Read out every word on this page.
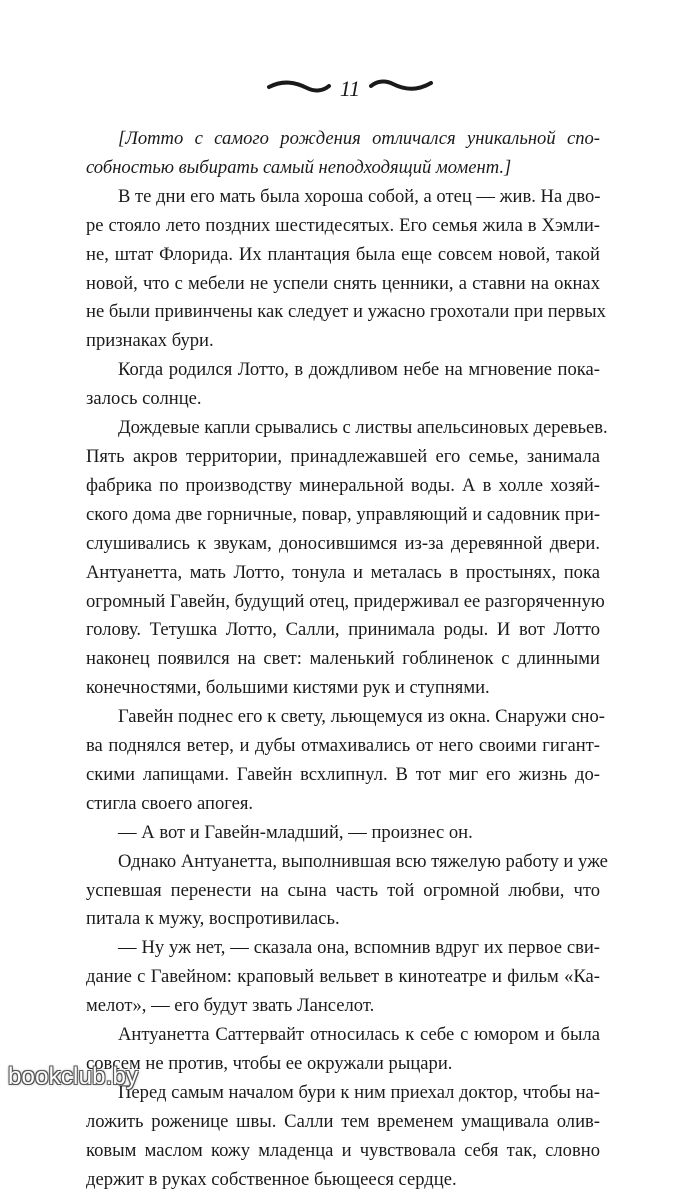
11
[Лотто с самого рождения отличался уникальной спо-
собностью выбирать самый неподходящий момент.]
В те дни его мать была хороша собой, а отец — жив. На дво-
ре стояло лето поздних шестидесятых. Его семья жила в Хэмли-
не, штат Флорида. Их плантация была еще совсем новой, такой
новой, что с мебели не успели снять ценники, а ставни на окнах
не были привинчены как следует и ужасно грохотали при первых
признаках бури.
Когда родился Лотто, в дождливом небе на мгновение пока-
залось солнце.
Дождевые капли срывались с листвы апельсиновых деревьев.
Пять акров территории, принадлежавшей его семье, занимала
фабрика по производству минеральной воды. А в холле хозяй-
ского дома две горничные, повар, управляющий и садовник при-
слушивались к звукам, доносившимся из-за деревянной двери.
Антуанетта, мать Лотто, тонула и металась в простынях, пока
огромный Гавейн, будущий отец, придерживал ее разгоряченную
голову. Тетушка Лотто, Салли, принимала роды. И вот Лотто
наконец появился на свет: маленький гоблиненок с длинными
конечностями, большими кистями рук и ступнями.
Гавейн поднес его к свету, льющемуся из окна. Снаружи сно-
ва поднялся ветер, и дубы отмахивались от него своими гигант-
скими лапищами. Гавейн всхлипнул. В тот миг его жизнь до-
стигла своего апогея.
— А вот и Гавейн-младший, — произнес он.
Однако Антуанетта, выполнившая всю тяжелую работу и уже
успевшая перенести на сына часть той огромной любви, что
питала к мужу, воспротивилась.
— Ну уж нет, — сказала она, вспомнив вдруг их первое сви-
дание с Гавейном: краповый вельвет в кинотеатре и фильм «Ка-
мелот», — его будут звать Ланселот.
Антуанетта Саттервайт относилась к себе с юмором и была
совсем не против, чтобы ее окружали рыцари.
Перед самым началом бури к ним приехал доктор, чтобы на-
ложить роженице швы. Салли тем временем умащивала олив-
ковым маслом кожу младенца и чувствовала себя так, словно
держит в руках собственное бьющееся сердце.
bookclub.by
